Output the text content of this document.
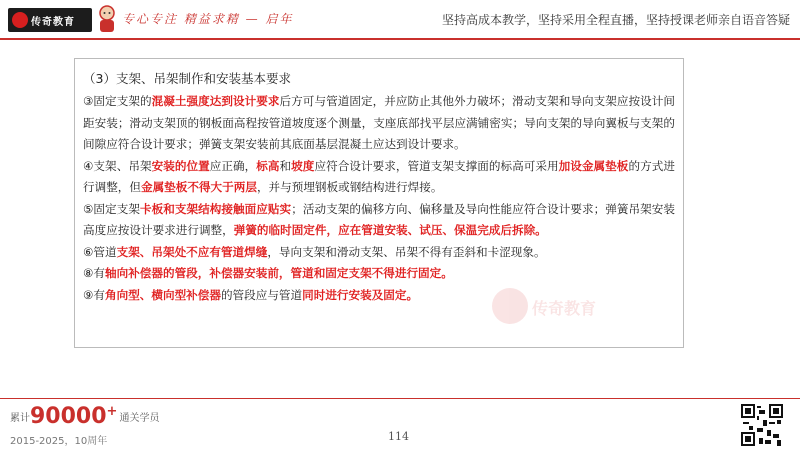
传奇教育	专心专注 精益求精 — 启年	坚持高成本教学，坚持采用全程直播，坚持授课老师亲自语音答疑
（3）支架、吊架制作和安装基本要求

③固定支架的混凝土强度达到设计要求后方可与管道固定，并应防止其他外力破坏；滑动支架和导向支架应按设计间距安装；滑动支架顶的钢板面高程按管道坡度逐个测量，支座底部找平层应满铺密实；导向支架的导向翼板与支架的间隙应符合设计要求；弹簧支架安装前其底面基层混凝土应达到设计要求。

④支架、吊架安装的位置应正确，标高和坡度应符合设计要求，管道支架支撑面的标高可采用加设金属垫板的方式进行调整，但金属垫板不得大于两层，并与预埋钢板或钢结构进行焊接。

⑤固定支架卡板和支架结构接触面应贴实；活动支架的偏移方向、偏移量及导向性能应符合设计要求；弹簧吊架安装高度应按设计要求进行调整，弹簧的临时固定件，应在管道安装、试压、保温完成后拆除。

⑥管道支架、吊架处不应有管道焊缝，导向支架和滑动支架、吊架不得有歪斜和卡涩现象。

⑧有轴向补偿器的管段，补偿器安装前，管道和固定支架不得进行固定。

⑨有角向型、横向型补偿器的管段应与管道同时进行安装及固定。

传奇教育
累计90000+ 通关学员
2015-2025，10周年	114
